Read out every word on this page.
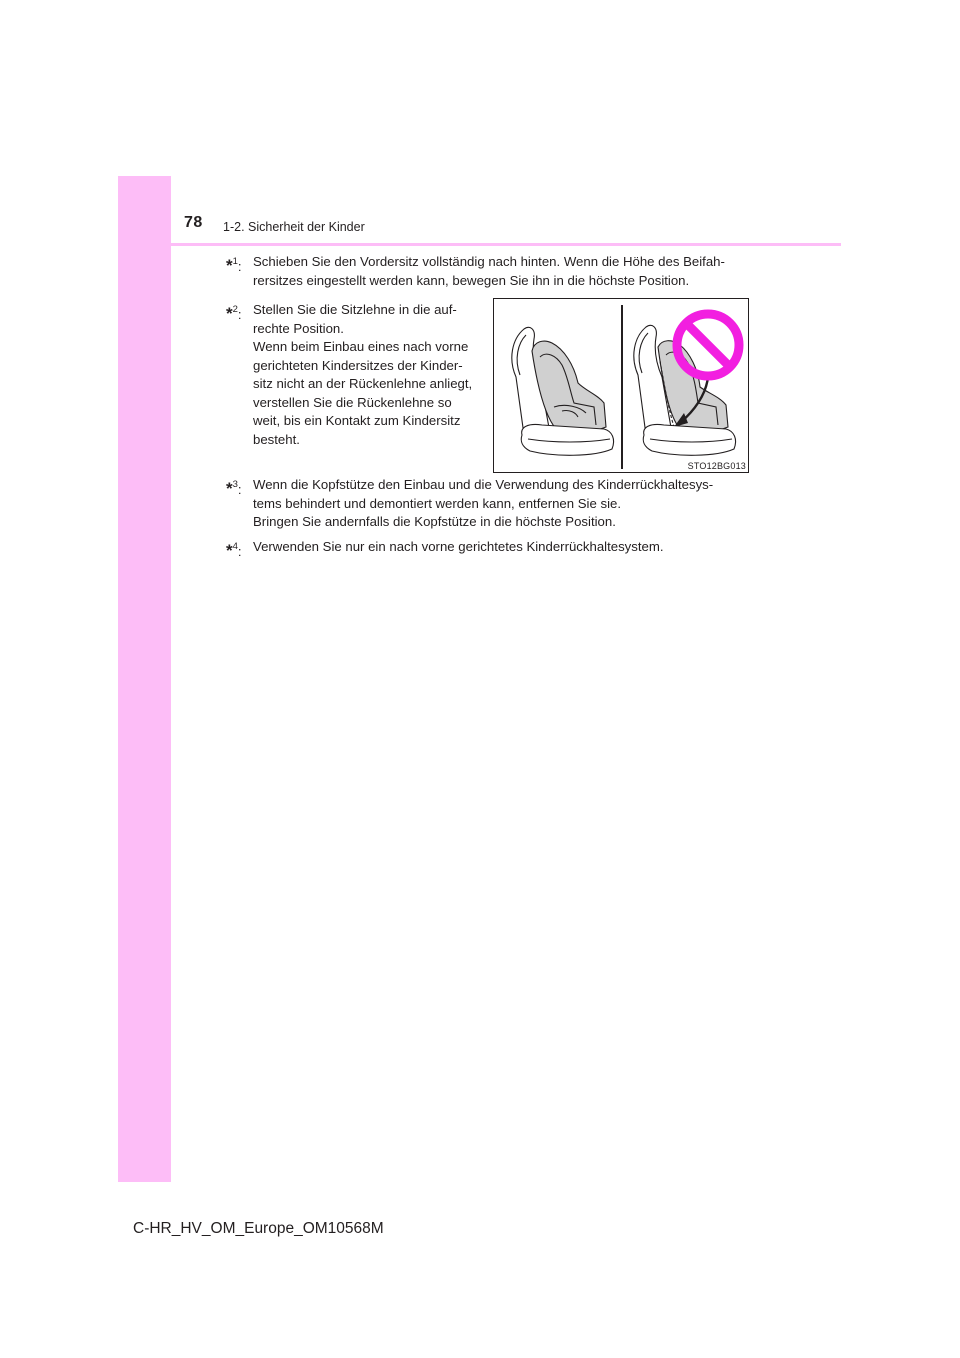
78 1-2. Sicherheit der Kinder
*$^1$: Schieben Sie den Vordersitz vollständig nach hinten. Wenn die Höhe des Beifah-
rersitzes eingestellt werden kann, bewegen Sie ihn in die höchste Position.
*$^2$: Stellen Sie die Sitzlehne in die auf-
rechte Position.
Wenn beim Einbau eines nach vorne
gerichteten Kindersitzes der Kinder-
sitz nicht an der Rückenlehne anliegt,
verstellen Sie die Rückenlehne so
weit, bis ein Kontakt zum Kindersitz
besteht.
STO12BG013
*$^3$: Wenn die Kopfstütze den Einbau und die Verwendung des Kinderrückhaltesys-
tems behindert und demontiert werden kann, entfernen Sie sie.
Bringen Sie andernfalls die Kopfstütze in die höchste Position.
*$^4$: Verwenden Sie nur ein nach vorne gerichtetes Kinderrückhaltesystem.
C-HR_HV_OM_Europe_OM10568M
